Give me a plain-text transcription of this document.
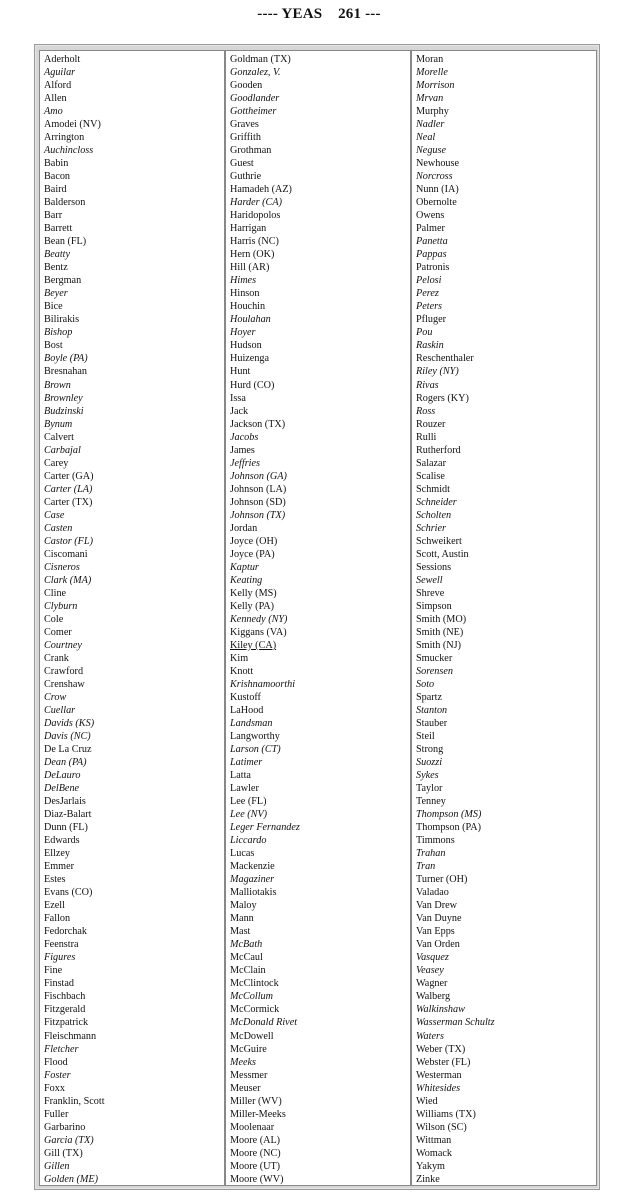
---- YEAS    261 ---
Aderholt
Aguilar
Alford
Allen
Amo
Amodei (NV)
Arrington
Auchincloss
Babin
Bacon
Baird
Balderson
Barr
Barrett
Bean (FL)
Beatty
Bentz
Bergman
Beyer
Bice
Bilirakis
Bishop
Bost
Boyle (PA)
Bresnahan
Brown
Brownley
Budzinski
Bynum
Calvert
Carbajal
Carey
Carter (GA)
Carter (LA)
Carter (TX)
Case
Casten
Castor (FL)
Ciscomani
Cisneros
Clark (MA)
Cline
Clyburn
Cole
Comer
Courtney
Crank
Crawford
Crenshaw
Crow
Cuellar
Davids (KS)
Davis (NC)
De La Cruz
Dean (PA)
DeLauro
DelBene
DesJarlais
Diaz-Balart
Dunn (FL)
Edwards
Ellzey
Emmer
Estes
Evans (CO)
Ezell
Fallon
Fedorchak
Feenstra
Figures
Fine
Finstad
Fischbach
Fitzgerald
Fitzpatrick
Fleischmann
Fletcher
Flood
Foster
Foxx
Franklin, Scott
Fuller
Garbarino
Garcia (TX)
Gill (TX)
Gillen
Golden (ME)
Goldman (TX)
Gonzalez, V.
Gooden
Goodlander
Gottheimer
Graves
Griffith
Grothman
Guest
Guthrie
Hamadeh (AZ)
Harder (CA)
Haridopolos
Harrigan
Harris (NC)
Hern (OK)
Hill (AR)
Himes
Hinson
Houchin
Houlahan
Hoyer
Hudson
Huizenga
Hunt
Hurd (CO)
Issa
Jack
Jackson (TX)
Jacobs
James
Jeffries
Johnson (GA)
Johnson (LA)
Johnson (SD)
Johnson (TX)
Jordan
Joyce (OH)
Joyce (PA)
Kaptur
Keating
Kelly (MS)
Kelly (PA)
Kennedy (NY)
Kiggans (VA)
Kiley (CA)
Kim
Knott
Krishnamoorthi
Kustoff
LaHood
Landsman
Langworthy
Larson (CT)
Latimer
Latta
Lawler
Lee (FL)
Lee (NV)
Leger Fernandez
Liccardo
Lucas
Mackenzie
Magaziner
Malliotakis
Maloy
Mann
Mast
McBath
McCaul
McClain
McClintock
McCollum
McCormick
McDonald Rivet
McDowell
McGuire
Meeks
Messmer
Meuser
Miller (WV)
Miller-Meeks
Moolenaar
Moore (AL)
Moore (NC)
Moore (UT)
Moore (WV)
Moran
Morelle
Morrison
Mrvan
Murphy
Nadler
Neal
Neguse
Newhouse
Norcross
Nunn (IA)
Obernolte
Owens
Palmer
Panetta
Pappas
Patronis
Pelosi
Perez
Peters
Pfluger
Pou
Raskin
Reschenthaler
Riley (NY)
Rivas
Rogers (KY)
Ross
Rouzer
Rulli
Rutherford
Salazar
Scalise
Schmidt
Schneider
Scholten
Schrier
Schweikert
Scott, Austin
Sessions
Sewell
Shreve
Simpson
Smith (MO)
Smith (NE)
Smith (NJ)
Smucker
Sorensen
Soto
Spartz
Stanton
Stauber
Steil
Strong
Suozzi
Sykes
Taylor
Tenney
Thompson (MS)
Thompson (PA)
Timmons
Trahan
Tran
Turner (OH)
Valadao
Van Drew
Van Duyne
Van Epps
Van Orden
Vasquez
Veasey
Wagner
Walberg
Walkinshaw
Wasserman Schultz
Waters
Weber (TX)
Webster (FL)
Westerman
Whitesides
Wied
Williams (TX)
Wilson (SC)
Wittman
Womack
Yakym
Zinke
